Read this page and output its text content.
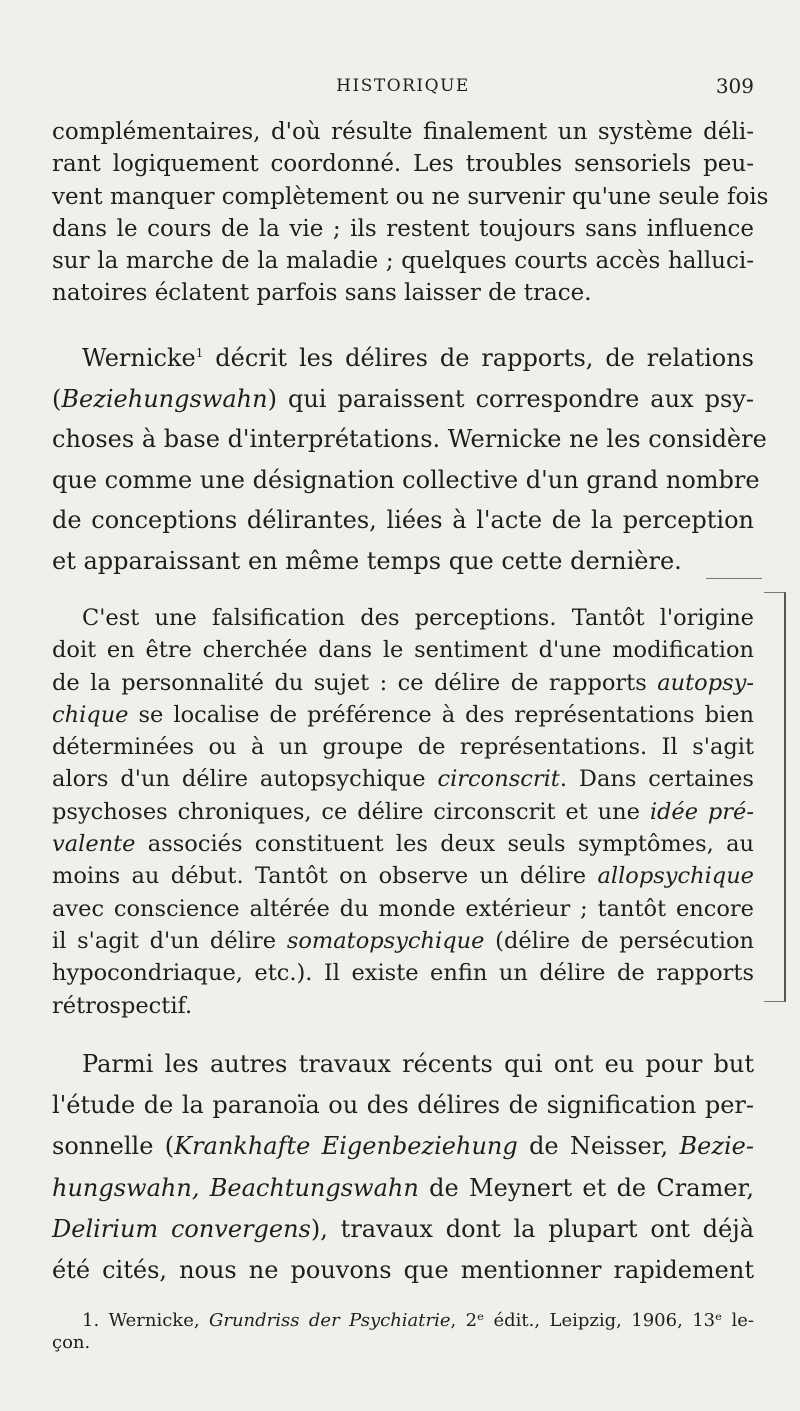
HISTORIQUE	309
complémentaires, d'où résulte finalement un système déli-
rant logiquement coordonné. Les troubles sensoriels peu-
vent manquer complètement ou ne survenir qu'une seule fois
dans le cours de la vie ; ils restent toujours sans influence
sur la marche de la maladie ; quelques courts accès halluci-
natoires éclatent parfois sans laisser de trace.
Wernicke$^1$ décrit les délires de rapports, de relations
(Beziehungswahn) qui paraissent correspondre aux psy-
choses à base d'interprétations. Wernicke ne les considère
que comme une désignation collective d'un grand nombre
de conceptions délirantes, liées à l'acte de la perception
et apparaissant en même temps que cette dernière.
C'est une falsification des perceptions. Tantôt l'origine
doit en être cherchée dans le sentiment d'une modification
de la personnalité du sujet : ce délire de rapports autopsy-
chique se localise de préférence à des représentations bien
déterminées ou à un groupe de représentations. Il s'agit
alors d'un délire autopsychique circonscrit. Dans certaines
psychoses chroniques, ce délire circonscrit et une idée pré-
valente associés constituent les deux seuls symptômes, au
moins au début. Tantôt on observe un délire allopsychique
avec conscience altérée du monde extérieur ; tantôt encore
il s'agit d'un délire somatopsychique (délire de persécution
hypocondriaque, etc.). Il existe enfin un délire de rapports
rétrospectif.
Parmi les autres travaux récents qui ont eu pour but
l'étude de la paranoïa ou des délires de signification per-
sonnelle (Krankhafte Eigenbeziehung de Neisser, Bezie-
hungswahn, Beachtungswahn de Meynert et de Cramer,
Delirium convergens), travaux dont la plupart ont déjà
été cités, nous ne pouvons que mentionner rapidement
1. Wernicke, Grundriss der Psychiatrie, 2ᵉ édit., Leipzig, 1906, 13ᵉ le-
çon.
